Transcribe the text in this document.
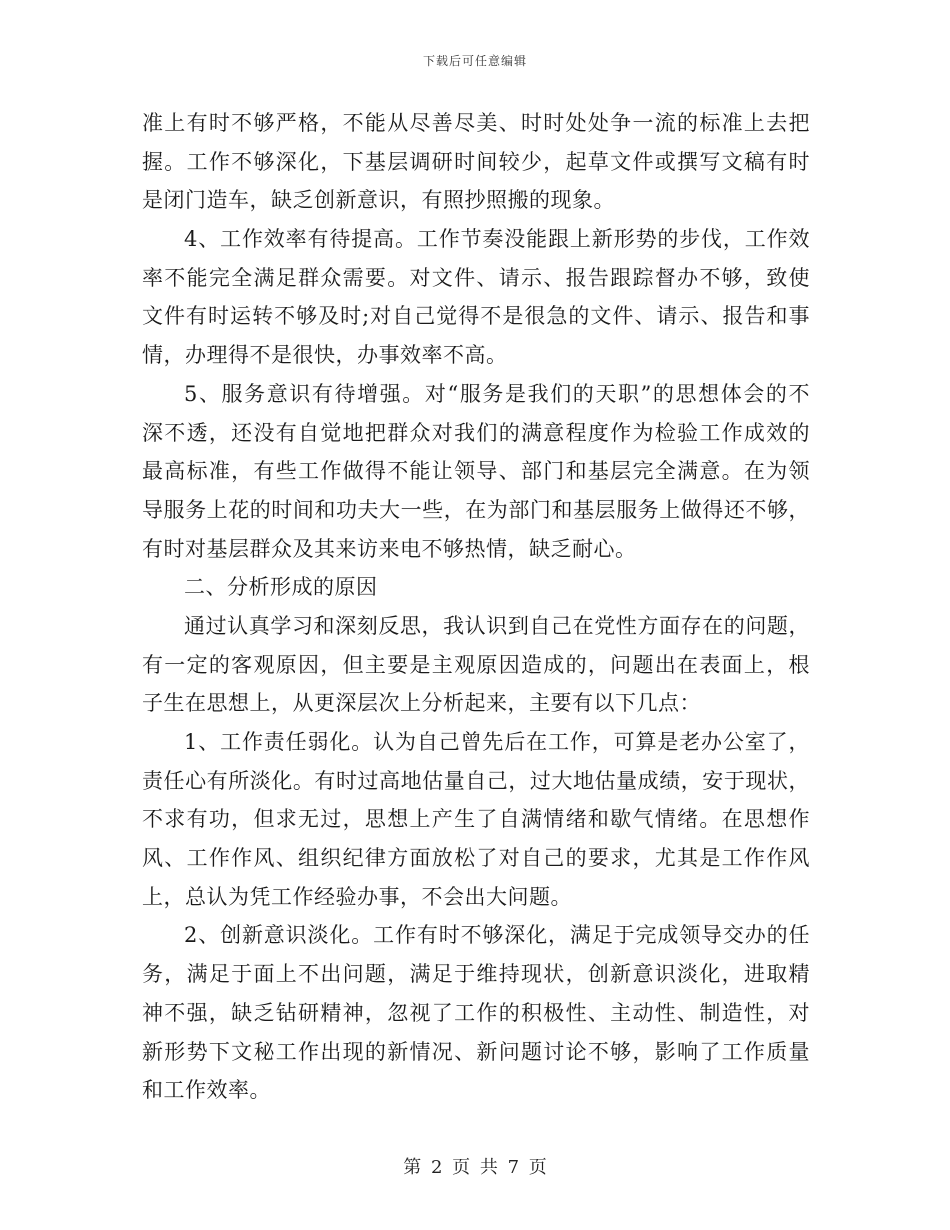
下载后可任意编辑
准上有时不够严格，不能从尽善尽美、时时处处争一流的标准上去把
握。工作不够深化，下基层调研时间较少，起草文件或撰写文稿有时
是闭门造车，缺乏创新意识，有照抄照搬的现象。
4、工作效率有待提高。工作节奏没能跟上新形势的步伐，工作效
率不能完全满足群众需要。对文件、请示、报告跟踪督办不够，致使
文件有时运转不够及时;对自己觉得不是很急的文件、请示、报告和事
情，办理得不是很快，办事效率不高。
5、服务意识有待增强。对“服务是我们的天职”的思想体会的不
深不透，还没有自觉地把群众对我们的满意程度作为检验工作成效的
最高标准，有些工作做得不能让领导、部门和基层完全满意。在为领
导服务上花的时间和功夫大一些，在为部门和基层服务上做得还不够，
有时对基层群众及其来访来电不够热情，缺乏耐心。
二、分析形成的原因
通过认真学习和深刻反思，我认识到自己在党性方面存在的问题，
有一定的客观原因，但主要是主观原因造成的，问题出在表面上，根
子生在思想上，从更深层次上分析起来，主要有以下几点：
1、工作责任弱化。认为自己曾先后在工作，可算是老办公室了，
责任心有所淡化。有时过高地估量自己，过大地估量成绩，安于现状，
不求有功，但求无过，思想上产生了自满情绪和歇气情绪。在思想作
风、工作作风、组织纪律方面放松了对自己的要求，尤其是工作作风
上，总认为凭工作经验办事，不会出大问题。
2、创新意识淡化。工作有时不够深化，满足于完成领导交办的任
务，满足于面上不出问题，满足于维持现状，创新意识淡化，进取精
神不强，缺乏钻研精神，忽视了工作的积极性、主动性、制造性，对
新形势下文秘工作出现的新情况、新问题讨论不够，影响了工作质量
和工作效率。
第 2 页 共 7 页
